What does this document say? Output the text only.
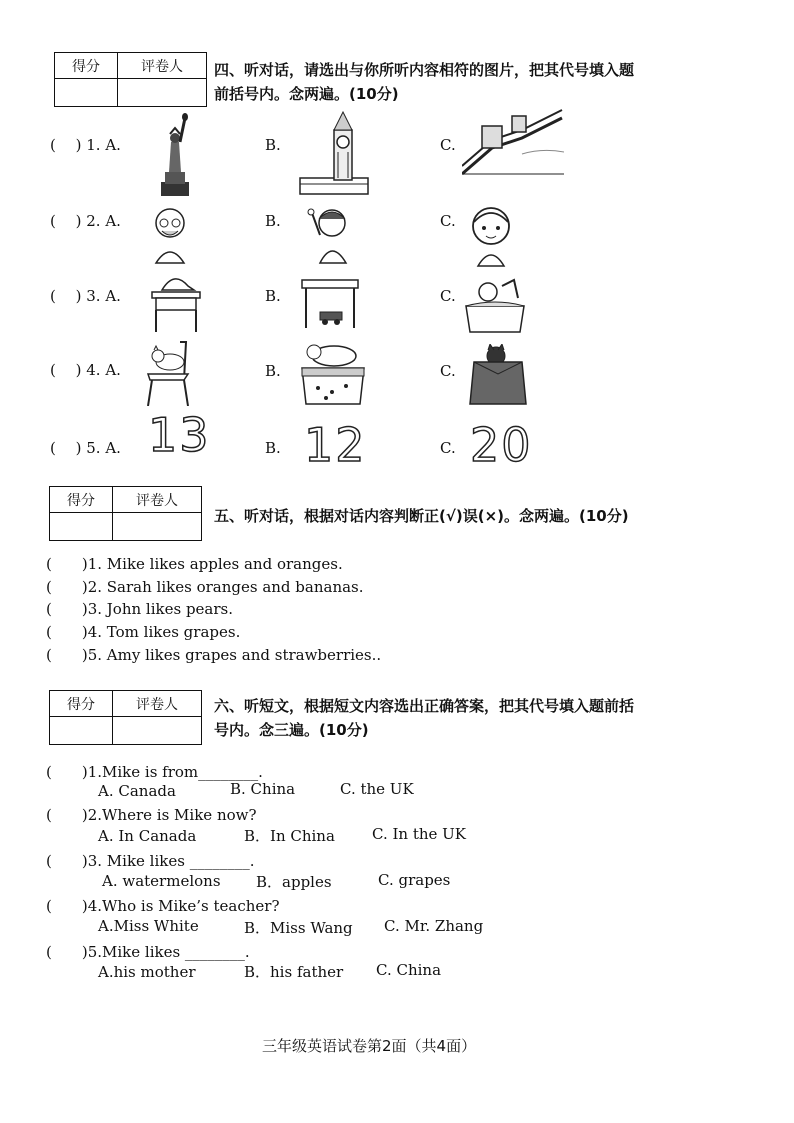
得分	评卷人
	四、听对话，请选出与你所听内容相符的图片，把其代号填入题
前括号内。念两遍。(10分)
(　 ) 1. A.	B.	C.
(　 ) 2. A.	B.	C.
(　 ) 3. A.	B.	C.
(　 ) 4. A.	B.	C.
(　 ) 5. A. 13	B. 12	C. 20
得分	评卷人

五、听对话，根据对话内容判断正(√)误(×)。念两遍。(10分)
(　　)1. Mike likes apples and oranges.
(　　)2. Sarah likes oranges and bananas.
(　　)3. John likes pears.
(　　)4. Tom likes grapes.
(　　)5. Amy likes grapes and strawberries..
得分	评卷人
	六、听短文，根据短文内容选出正确答案，把其代号填入题前括
号内。念三遍。(10分)
(　　)1.Mike is from________.
A. Canada	B. China	C. the UK
(　　)2.Where is Mike now?
A. In Canada	B．In China C. In the UK
(　　)3. Mike likes ________.
A. watermelons B．apples	C. grapes
(　　)4.Who is Mike’s teacher?
A.Miss White	B．Miss Wang C. Mr. Zhang
(　　)5.Mike likes ________.
A.his mother	B．his father C. China
三年级英语试卷第2面（共4面）
